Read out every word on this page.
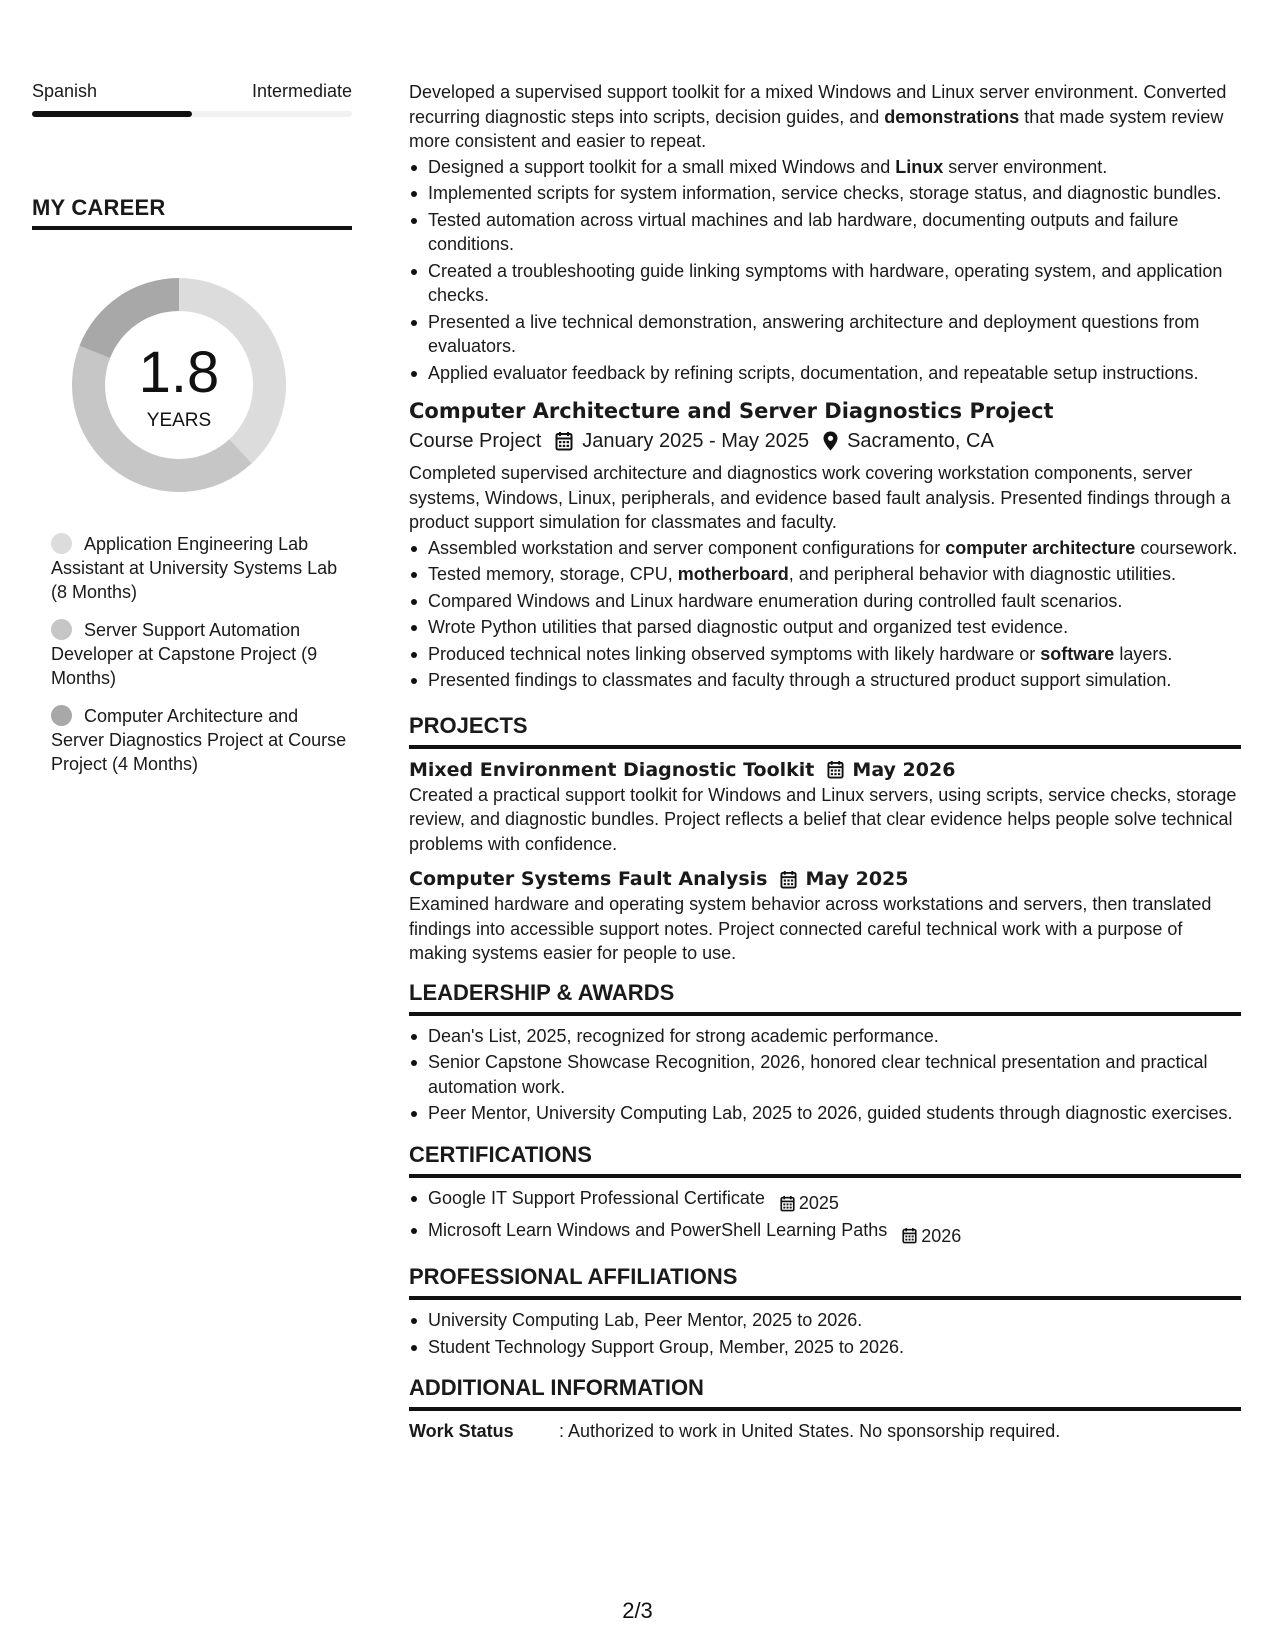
Spanish	Intermediate
MY CAREER
1.8
YEARS
Application Engineering Lab Assistant at University Systems Lab (8 Months)
Server Support Automation Developer at Capstone Project (9 Months)
Computer Architecture and Server Diagnostics Project at Course Project (4 Months)

Developed a supervised support toolkit for a mixed Windows and Linux server environment. Converted recurring diagnostic steps into scripts, decision guides, and demonstrations that made system review more consistent and easier to repeat.

Designed a support toolkit for a small mixed Windows and Linux server environment.
Implemented scripts for system information, service checks, storage status, and diagnostic bundles.
Tested automation across virtual machines and lab hardware, documenting outputs and failure conditions.
Created a troubleshooting guide linking symptoms with hardware, operating system, and application checks.
Presented a live technical demonstration, answering architecture and deployment questions from evaluators.
Applied evaluator feedback by refining scripts, documentation, and repeatable setup instructions.
Computer Architecture and Server Diagnostics Project
Course Project January 2025 - May 2025 Sacramento, CA

Completed supervised architecture and diagnostics work covering workstation components, server systems, Windows, Linux, peripherals, and evidence based fault analysis. Presented findings through a product support simulation for classmates and faculty.

Assembled workstation and server component configurations for computer architecture coursework.
Tested memory, storage, CPU, motherboard, and peripheral behavior with diagnostic utilities.
Compared Windows and Linux hardware enumeration during controlled fault scenarios.
Wrote Python utilities that parsed diagnostic output and organized test evidence.
Produced technical notes linking observed symptoms with likely hardware or software layers.
Presented findings to classmates and faculty through a structured product support simulation.
PROJECTS
Mixed Environment Diagnostic Toolkit May 2026

Created a practical support toolkit for Windows and Linux servers, using scripts, service checks, storage review, and diagnostic bundles. Project reflects a belief that clear evidence helps people solve technical problems with confidence.

Computer Systems Fault Analysis May 2025

Examined hardware and operating system behavior across workstations and servers, then translated findings into accessible support notes. Project connected careful technical work with a purpose of making systems easier for people to use.

LEADERSHIP & AWARDS
Dean's List, 2025, recognized for strong academic performance.
Senior Capstone Showcase Recognition, 2026, honored clear technical presentation and practical automation work.
Peer Mentor, University Computing Lab, 2025 to 2026, guided students through diagnostic exercises.
CERTIFICATIONS
Google IT Support Professional Certificate 2025
Microsoft Learn Windows and PowerShell Learning Paths 2026
PROFESSIONAL AFFILIATIONS
University Computing Lab, Peer Mentor, 2025 to 2026.
Student Technology Support Group, Member, 2025 to 2026.
ADDITIONAL INFORMATION
Work Status	: Authorized to work in United States. No sponsorship required.
2/3
